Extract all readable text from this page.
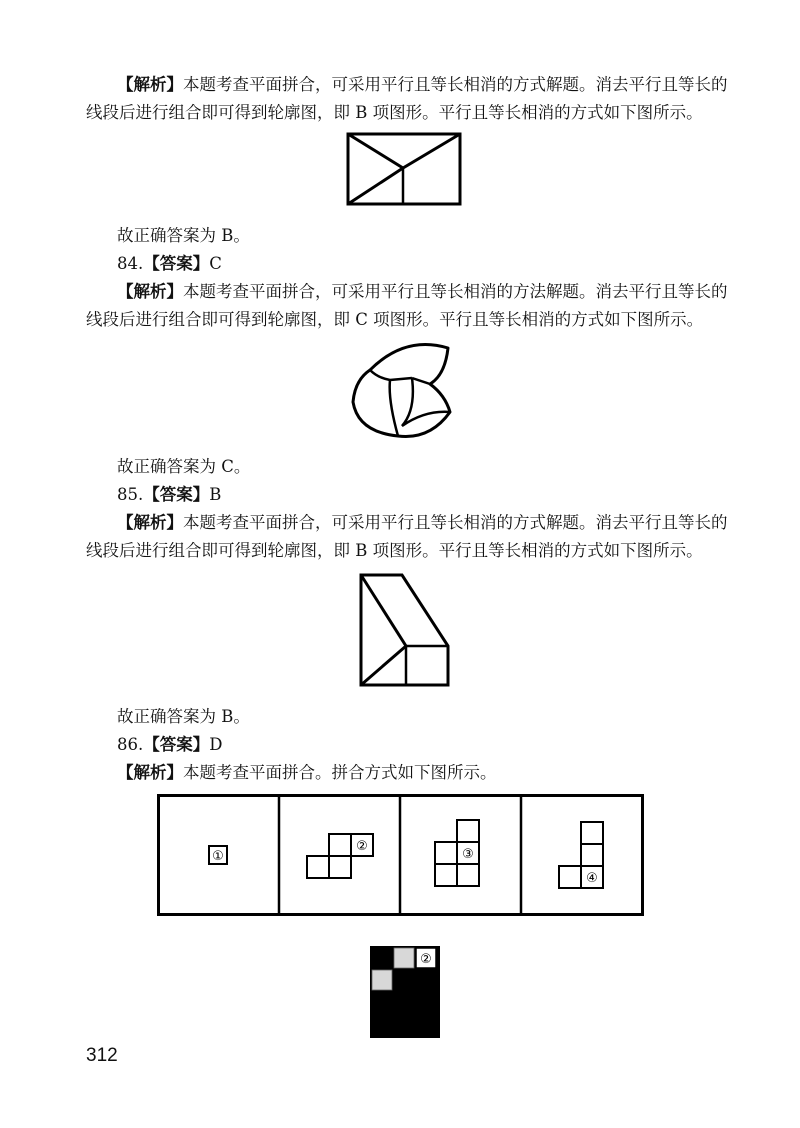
【解析】本题考查平面拼合，可采用平行且等长相消的方式解题。消去平行且等长的
线段后进行组合即可得到轮廓图，即 B 项图形。平行且等长相消的方式如下图所示。
故正确答案为 B。
84.【答案】C
【解析】本题考查平面拼合，可采用平行且等长相消的方法解题。消去平行且等长的
线段后进行组合即可得到轮廓图，即 C 项图形。平行且等长相消的方式如下图所示。
故正确答案为 C。
85.【答案】B
【解析】本题考查平面拼合，可采用平行且等长相消的方式解题。消去平行且等长的
线段后进行组合即可得到轮廓图，即 B 项图形。平行且等长相消的方式如下图所示。
故正确答案为 B。
86.【答案】D
【解析】本题考查平面拼合。拼合方式如下图所示。
①
②
③
④
②
312
